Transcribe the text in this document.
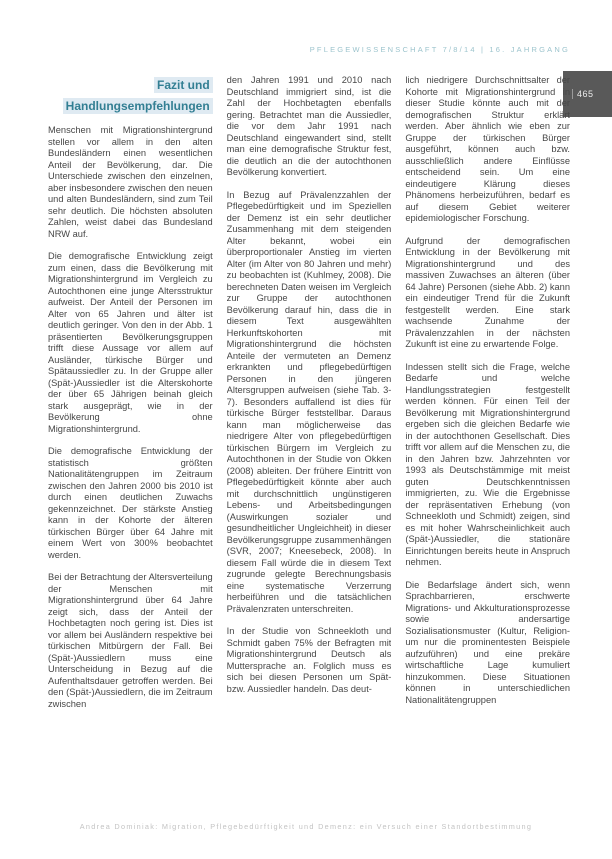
PFLEGEWISSENSCHAFT 7/8/14 | 16. JAHRGANG
465
Fazit und
Handlungsempfehlungen

Menschen mit Migrationshintergrund stellen vor allem in den alten Bundesländern einen wesentlichen Anteil der Bevölkerung, dar. Die Unterschiede zwischen den einzelnen, aber insbesondere zwischen den neuen und alten Bundesländern, sind zum Teil sehr deutlich. Die höchsten absoluten Zahlen, weist dabei das Bundesland NRW auf.

Die demografische Entwicklung zeigt zum einen, dass die Bevölkerung mit Migrationshintergrund im Vergleich zu Autochthonen eine junge Altersstruktur aufweist. Der Anteil der Personen im Alter von 65 Jahren und älter ist deutlich geringer. Von den in der Abb. 1 präsentierten Bevölkerungsgruppen trifft diese Aussage vor allem auf Ausländer, türkische Bürger und Spätaussiedler zu. In der Gruppe aller (Spät-)Aussiedler ist die Alterskohorte der über 65 Jährigen beinah gleich stark ausgeprägt, wie in der Bevölkerung ohne Migrationshintergrund.

Die demografische Entwicklung der statistisch größten Nationalitätengruppen im Zeitraum zwischen den Jahren 2000 bis 2010 ist durch einen deutlichen Zuwachs gekennzeichnet. Der stärkste Anstieg kann in der Kohorte der älteren türkischen Bürger über 64 Jahre mit einem Wert von 300% beobachtet werden.

Bei der Betrachtung der Altersverteilung der Menschen mit Migrationshintergrund über 64 Jahre zeigt sich, dass der Anteil der Hochbetagten noch gering ist. Dies ist vor allem bei Ausländern respektive bei türkischen Mitbürgern der Fall. Bei (Spät-)Aussiedlern muss eine Unterscheidung in Bezug auf die Aufenthaltsdauer getroffen werden. Bei den (Spät-)Aussiedlern, die im Zeitraum zwischen

den Jahren 1991 und 2010 nach Deutschland immigriert sind, ist die Zahl der Hochbetagten ebenfalls gering. Betrachtet man die Aussiedler, die vor dem Jahr 1991 nach Deutschland eingewandert sind, stellt man eine demografische Struktur fest, die deutlich an die der autochthonen Bevölkerung konvertiert.

In Bezug auf Prävalenzzahlen der Pflegebedürftigkeit und im Speziellen der Demenz ist ein sehr deutlicher Zusammenhang mit dem steigenden Alter bekannt, wobei ein überproportionaler Anstieg im vierten Alter (im Alter von 80 Jahren und mehr) zu beobachten ist (Kuhlmey, 2008). Die berechneten Daten weisen im Vergleich zur Gruppe der autochthonen Bevölkerung darauf hin, dass die in diesem Text ausgewählten Herkunftskohorten mit Migrationshintergrund die höchsten Anteile der vermuteten an Demenz erkrankten und pflegebedürftigen Personen in den jüngeren Altersgruppen aufweisen (siehe Tab. 3-7). Besonders auffallend ist dies für türkische Bürger feststellbar. Daraus kann man möglicherweise das niedrigere Alter von pflegebedürftigen türkischen Bürgern im Vergleich zu Autochthonen in der Studie von Okken (2008) ableiten. Der frühere Eintritt von Pflegebedürftigkeit könnte aber auch mit durchschnittlich ungünstigeren Lebens- und Arbeitsbedingungen (Auswirkungen sozialer und gesundheitlicher Ungleichheit) in dieser Bevölkerungsgruppe zusammenhängen (SVR, 2007; Kneesebeck, 2008). In diesem Fall würde die in diesem Text zugrunde gelegte Berechnungsbasis eine systematische Verzerrung herbeiführen und die tatsächlichen Prävalenzraten unterschreiten.

In der Studie von Schneekloth und Schmidt gaben 75% der Befragten mit Migrationshintergrund Deutsch als Muttersprache an. Folglich muss es sich bei diesen Personen um Spät- bzw. Aussiedler handeln. Das deut-

lich niedrigere Durchschnittsalter der Kohorte mit Migrationshintergrund in dieser Studie könnte auch mit der demografischen Struktur erklärt werden. Aber ähnlich wie eben zur Gruppe der türkischen Bürger ausgeführt, können auch bzw. ausschließlich andere Einflüsse entscheidend sein. Um eine eindeutigere Klärung dieses Phänomens herbeizuführen, bedarf es auf diesem Gebiet weiterer epidemiologischer Forschung.

Aufgrund der demografischen Entwicklung in der Bevölkerung mit Migrationshintergrund und des massiven Zuwachses an älteren (über 64 Jahre) Personen (siehe Abb. 2) kann ein eindeutiger Trend für die Zukunft festgestellt werden. Eine stark wachsende Zunahme der Prävalenzzahlen in der nächsten Zukunft ist eine zu erwartende Folge.

Indessen stellt sich die Frage, welche Bedarfe und welche Handlungsstrategien festgestellt werden können. Für einen Teil der Bevölkerung mit Migrationshintergrund ergeben sich die gleichen Bedarfe wie in der autochthonen Gesellschaft. Dies trifft vor allem auf die Menschen zu, die in den Jahren bzw. Jahrzehnten vor 1993 als Deutschstämmige mit meist guten Deutschkenntnissen immigrierten, zu. Wie die Ergebnisse der repräsentativen Erhebung (von Schneekloth und Schmidt) zeigen, sind es mit hoher Wahrscheinlichkeit auch (Spät-)Aussiedler, die stationäre Einrichtungen bereits heute in Anspruch nehmen.

Die Bedarfslage ändert sich, wenn Sprachbarrieren, erschwerte Migrations- und Akkulturationsprozesse sowie andersartige Sozialisationsmuster (Kultur, Religion- um nur die prominentesten Beispiele aufzuführen) und eine prekäre wirtschaftliche Lage kumuliert hinzukommen. Diese Situationen können in unterschiedlichen Nationalitätengruppen

Andrea Dominiak: Migration, Pflegebedürftigkeit und Demenz: ein Versuch einer Standortbestimmung
